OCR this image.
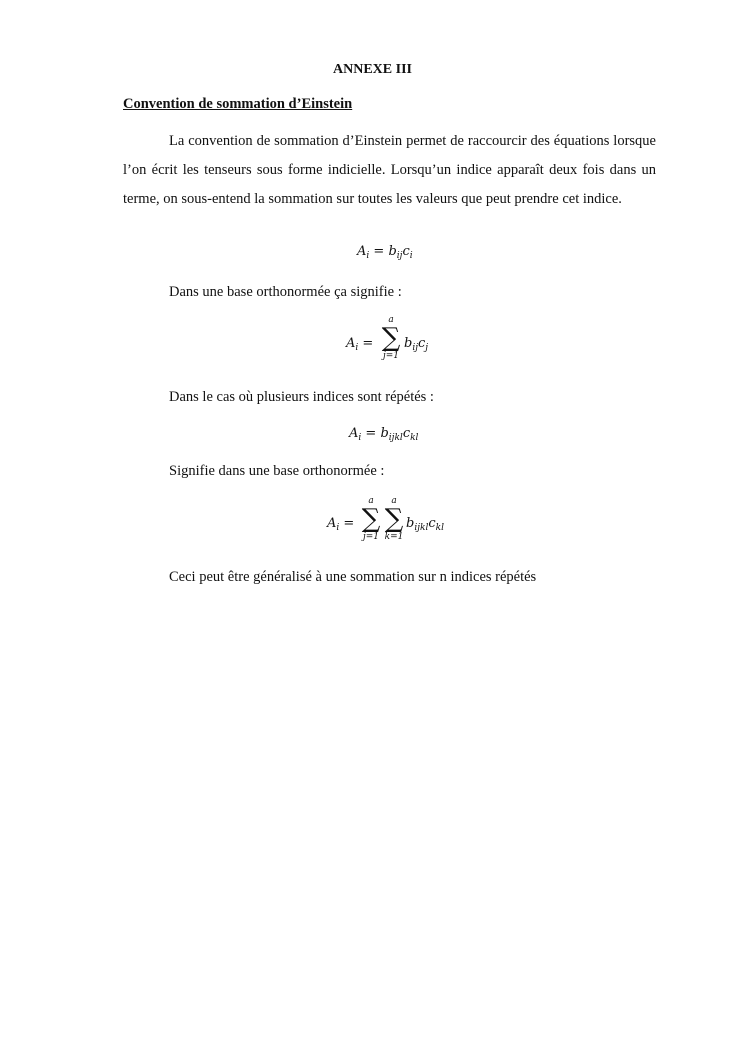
ANNEXE III
Convention de sommation d’Einstein

La convention de sommation d’Einstein permet de raccourcir des équations lorsque l’on écrit les tenseurs sous forme indicielle. Lorsqu’un indice apparaît deux fois dans un terme, on sous-entend la sommation sur toutes les valeurs que peut prendre cet indice.

$A_i = b_{ij}c_i$
Dans une base orthonormée ça signifie :
$A_i$ =
a
∑
j=1
$b_{ij}c_j$
Dans le cas où plusieurs indices sont répétés :
$A_i = b_{ijkl}c_{kl}$
Signifie dans une base orthonormée :
$A_i$ =
a
∑
j=1
a
∑
k=1
$b_{ijkl}c_{kl}$
Ceci peut être généralisé à une sommation sur n indices répétés
